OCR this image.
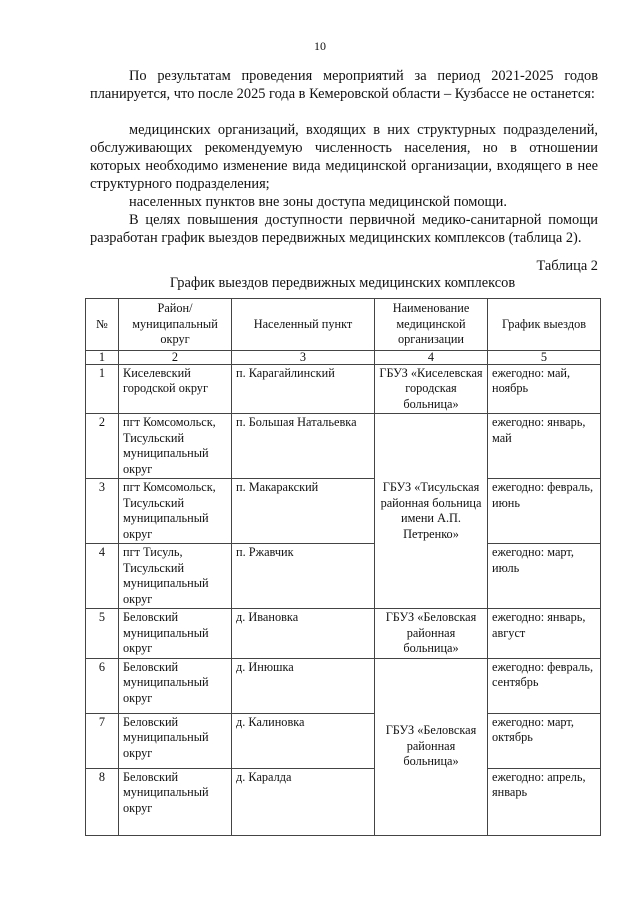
10

По результатам проведения мероприятий за период 2021-2025 годов планируется, что после 2025 года в Кемеровской области – Кузбассе не останется:

медицинских организаций, входящих в них структурных подразделений, обслуживающих рекомендуемую численность населения, но в отношении которых необходимо изменение вида медицинской организации, входящего в нее структурного подразделения;

населенных пунктов вне зоны доступа медицинской помощи.

В целях повышения доступности первичной медико-санитарной помощи разработан график выездов передвижных медицинских комплексов (таблица 2).

Таблица 2
График выездов передвижных медицинских комплексов
№	Район/ муниципальный округ	Населенный пункт	Наименование медицинской организации	График выездов
1	2	3	4	5
1	Киселевский городской округ	п. Карагайлинский	ГБУЗ «Киселевская городская больница»	ежегодно: май, ноябрь
2	пгт Комсомольск, Тисульский муниципальный округ	п. Большая Натальевка	ГБУЗ «Тисульская районная больница имени А.П. Петренко»	ежегодно: январь, май
3	пгт Комсомольск, Тисульский муниципальный округ	п. Макаракский		ежегодно: февраль, июнь
4	пгт Тисуль, Тисульский муниципальный округ	п. Ржавчик		ежегодно: март, июль
5	Беловский муниципальный округ	д. Ивановка	ГБУЗ «Беловская районная больница»	ежегодно: январь, август
6	Беловский муниципальный округ	д. Инюшка	ГБУЗ «Беловская районная больница»	ежегодно: февраль, сентябрь
7	Беловский муниципальный округ	д. Калиновка		ежегодно: март, октябрь
8	Беловский муниципальный округ	д. Каралда		ежегодно: апрель, январь
